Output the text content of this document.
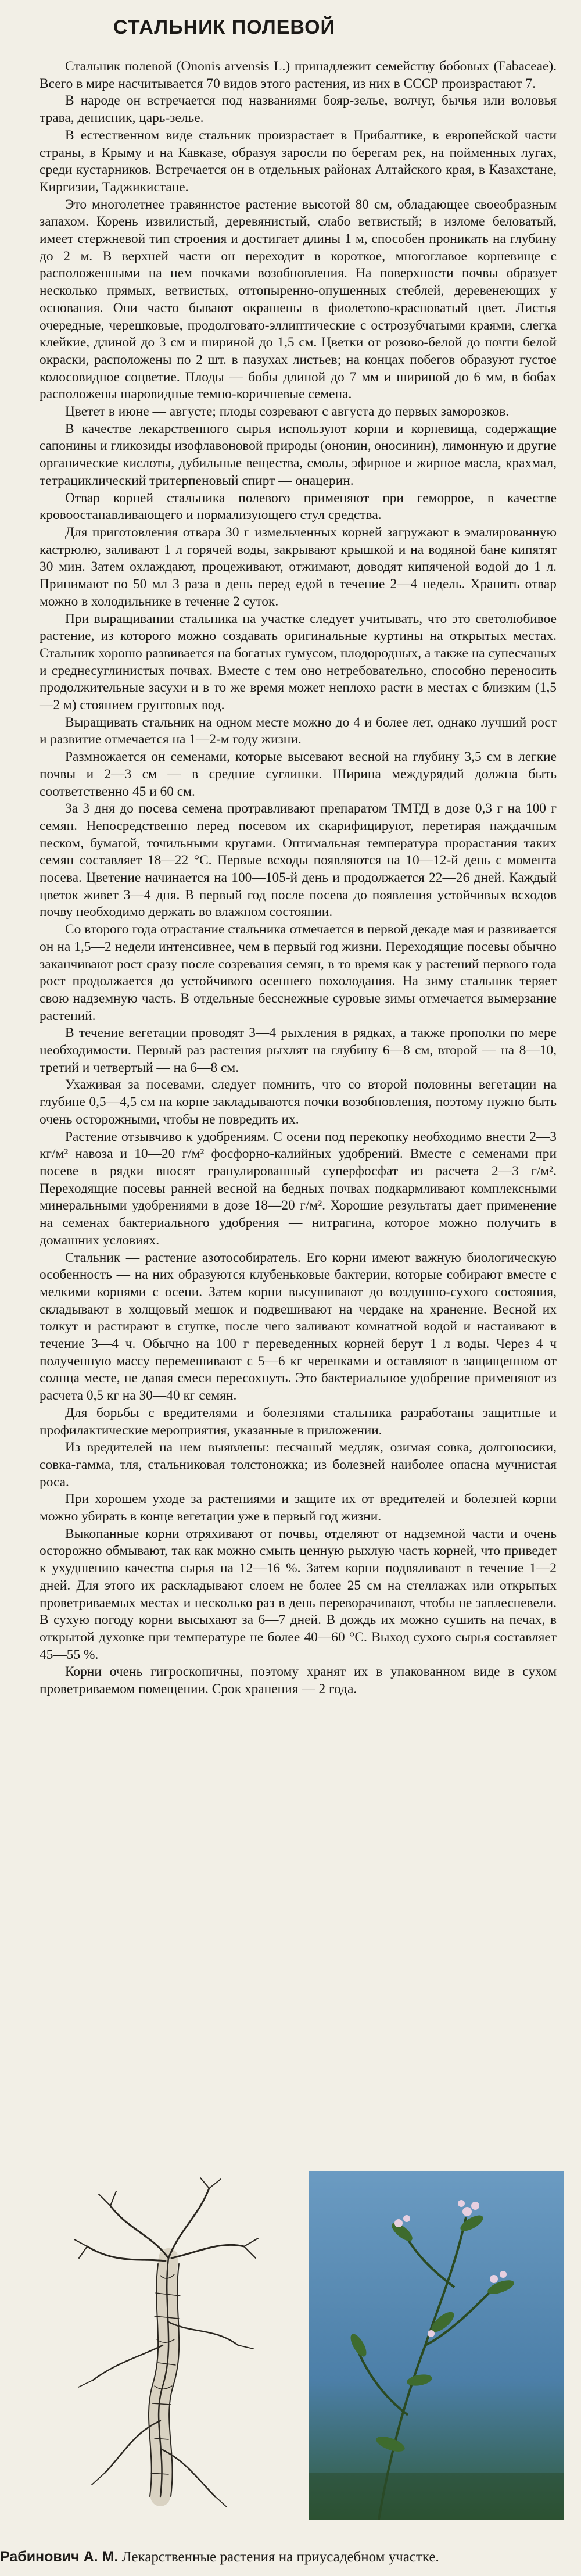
СТАЛЬНИК ПОЛЕВОЙ

Стальник полевой (Ononis arvensis L.) принадлежит семейству бобовых (Fabaceae). Всего в мире насчитывается 70 видов этого растения, из них в СССР произрастают 7.

В народе он встречается под названиями бояр-зелье, волчуг, бычья или воловья трава, денисник, царь-зелье.

В естественном виде стальник произрастает в Прибалтике, в европейской части страны, в Крыму и на Кавказе, образуя заросли по берегам рек, на пойменных лугах, среди кустарников. Встречается он в отдельных районах Алтайского края, в Казахстане, Киргизии, Таджикистане.

Это многолетнее травянистое растение высотой 80 см, обладающее своеобразным запахом. Корень извилистый, деревянистый, слабо ветвистый; в изломе беловатый, имеет стержневой тип строения и достигает длины 1 м, способен проникать на глубину до 2 м. В верхней части он переходит в короткое, многоглавое корневище с расположенными на нем почками возобновления. На поверхности почвы образует несколько прямых, ветвистых, оттопыренно-опушенных стеблей, деревенеющих у основания. Они часто бывают окрашены в фиолетово-красноватый цвет. Листья очередные, черешковые, продолговато-эллиптические с острозубчатыми краями, слегка клейкие, длиной до 3 см и шириной до 1,5 см. Цветки от розово-белой до почти белой окраски, расположены по 2 шт. в пазухах листьев; на концах побегов образуют густое колосовидное соцветие. Плоды — бобы длиной до 7 мм и шириной до 6 мм, в бобах расположены шаровидные темно-коричневые семена.

Цветет в июне — августе; плоды созревают с августа до первых заморозков.

В качестве лекарственного сырья используют корни и корневища, содержащие сапонины и гликозиды изофлавоновой природы (ононин, оносинин), лимонную и другие органические кислоты, дубильные вещества, смолы, эфирное и жирное масла, крахмал, тетрациклический тритерпеновый спирт — онацерин.

Отвар корней стальника полевого применяют при геморрое, в качестве кровоостанавливающего и нормализующего стул средства.

Для приготовления отвара 30 г измельченных корней загружают в эмалированную кастрюлю, заливают 1 л горячей воды, закрывают крышкой и на водяной бане кипятят 30 мин. Затем охлаждают, процеживают, отжимают, доводят кипяченой водой до 1 л. Принимают по 50 мл 3 раза в день перед едой в течение 2—4 недель. Хранить отвар можно в холодильнике в течение 2 суток.

При выращивании стальника на участке следует учитывать, что это светолюбивое растение, из которого можно создавать оригинальные куртины на открытых местах. Стальник хорошо развивается на богатых гумусом, плодородных, а также на супесчаных и среднесуглинистых почвах. Вместе с тем оно нетребовательно, способно переносить продолжительные засухи и в то же время может неплохо расти в местах с близким (1,5—2 м) стоянием грунтовых вод.

Выращивать стальник на одном месте можно до 4 и более лет, однако лучший рост и развитие отмечается на 1—2-м году жизни.

Размножается он семенами, которые высевают весной на глубину 3,5 см в легкие почвы и 2—3 см — в средние суглинки. Ширина междурядий должна быть соответственно 45 и 60 см.

За 3 дня до посева семена протравливают препаратом ТМТД в дозе 0,3 г на 100 г семян. Непосредственно перед посевом их скарифицируют, перетирая наждачным песком, бумагой, точильными кругами. Оптимальная температура прорастания таких семян составляет 18—22 °С. Первые всходы появляются на 10—12-й день с момента посева. Цветение начинается на 100—105-й день и продолжается 22—26 дней. Каждый цветок живет 3—4 дня. В первый год после посева до появления устойчивых всходов почву необходимо держать во влажном состоянии.

Со второго года отрастание стальника отмечается в первой декаде мая и развивается он на 1,5—2 недели интенсивнее, чем в первый год жизни. Переходящие посевы обычно заканчивают рост сразу после созревания семян, в то время как у растений первого года рост продолжается до устойчивого осеннего похолодания. На зиму стальник теряет свою надземную часть. В отдельные бесснежные суровые зимы отмечается вымерзание растений.

В течение вегетации проводят 3—4 рыхления в рядках, а также прополки по мере необходимости. Первый раз растения рыхлят на глубину 6—8 см, второй — на 8—10, третий и четвертый — на 6—8 см.

Ухаживая за посевами, следует помнить, что со второй половины вегетации на глубине 0,5—4,5 см на корне закладываются почки возобновления, поэтому нужно быть очень осторожными, чтобы не повредить их.

Растение отзывчиво к удобрениям. С осени под перекопку необходимо внести 2—3 кг/м² навоза и 10—20 г/м² фосфорно-калийных удобрений. Вместе с семенами при посеве в рядки вносят гранулированный суперфосфат из расчета 2—3 г/м². Переходящие посевы ранней весной на бедных почвах подкармливают комплексными минеральными удобрениями в дозе 18—20 г/м². Хорошие результаты дает применение на семенах бактериального удобрения — нитрагина, которое можно получить в домашних условиях.

Стальник — растение азотособиратель. Его корни имеют важную биологическую особенность — на них образуются клубеньковые бактерии, которые собирают вместе с мелкими корнями с осени. Затем корни высушивают до воздушно-сухого состояния, складывают в холщовый мешок и подвешивают на чердаке на хранение. Весной их толкут и растирают в ступке, после чего заливают комнатной водой и настаивают в течение 3—4 ч. Обычно на 100 г переведенных корней берут 1 л воды. Через 4 ч полученную массу перемешивают с 5—6 кг черенками и оставляют в защищенном от солнца месте, не давая смеси пересохнуть. Это бактериальное удобрение применяют из расчета 0,5 кг на 30—40 кг семян.

Для борьбы с вредителями и болезнями стальника разработаны защитные и профилактические мероприятия, указанные в приложении.

Из вредителей на нем выявлены: песчаный медляк, озимая совка, долгоносики, совка-гамма, тля, стальниковая толстоножка; из болезней наиболее опасна мучнистая роса.

При хорошем уходе за растениями и защите их от вредителей и болезней корни можно убирать в конце вегетации уже в первый год жизни.

Выкопанные корни отряхивают от почвы, отделяют от надземной части и очень осторожно обмывают, так как можно смыть ценную рыхлую часть корней, что приведет к ухудшению качества сырья на 12—16 %. Затем корни подвяливают в течение 1—2 дней. Для этого их раскладывают слоем не более 25 см на стеллажах или открытых проветриваемых местах и несколько раз в день переворачивают, чтобы не заплесневели. В сухую погоду корни высыхают за 6—7 дней. В дождь их можно сушить на печах, в открытой духовке при температуре не более 40—60 °С. Выход сухого сырья составляет 45—55 %.

Корни очень гигроскопичны, поэтому хранят их в упакованном виде в сухом проветриваемом помещении. Срок хранения — 2 года.

Рабинович А. М. Лекарственные растения на приусадебном участке.
